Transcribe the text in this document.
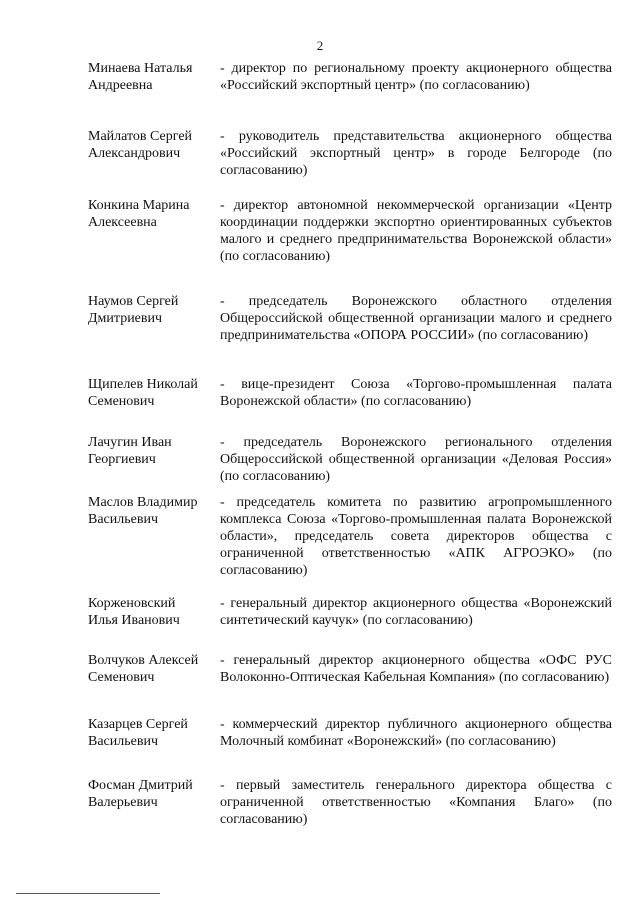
2
Минаева Наталья
Андреевна
- директор по региональному проекту акционерного общества «Российский экспортный центр» (по согласованию)
Майлатов Сергей
Александрович
- руководитель представительства акционерного общества «Российский экспортный центр» в городе Белгороде (по согласованию)
Конкина Марина
Алексеевна
- директор автономной некоммерческой организации «Центр координации поддержки экспортно ориентированных субъектов малого и среднего предпринимательства Воронежской области» (по согласованию)
Наумов Сергей
Дмитриевич
- председатель Воронежского областного отделения Общероссийской общественной организации малого и среднего предпринимательства «ОПОРА РОССИИ» (по согласованию)
Щипелев Николай
Семенович
- вице-президент Союза «Торгово-промышленная палата Воронежской области» (по согласованию)
Лачугин Иван
Георгиевич
- председатель Воронежского регионального отделения Общероссийской общественной организации «Деловая Россия» (по согласованию)
Маслов Владимир
Васильевич
- председатель комитета по развитию агропромышленного комплекса Союза «Торгово-промышленная палата Воронежской области», председатель совета директоров общества с ограниченной ответственностью «АПК АГРОЭКО» (по согласованию)
Корженовский
Илья Иванович
- генеральный директор акционерного общества «Воронежский синтетический каучук» (по согласованию)
Волчуков Алексей
Семенович
- генеральный директор акционерного общества «ОФС РУС Волоконно-Оптическая Кабельная Компания» (по согласованию)
Казарцев Сергей
Васильевич
- коммерческий директор публичного акционерного общества Молочный комбинат «Воронежский» (по согласованию)
Фосман Дмитрий
Валерьевич
- первый заместитель генерального директора общества с ограниченной ответственностью «Компания Благо» (по согласованию)
